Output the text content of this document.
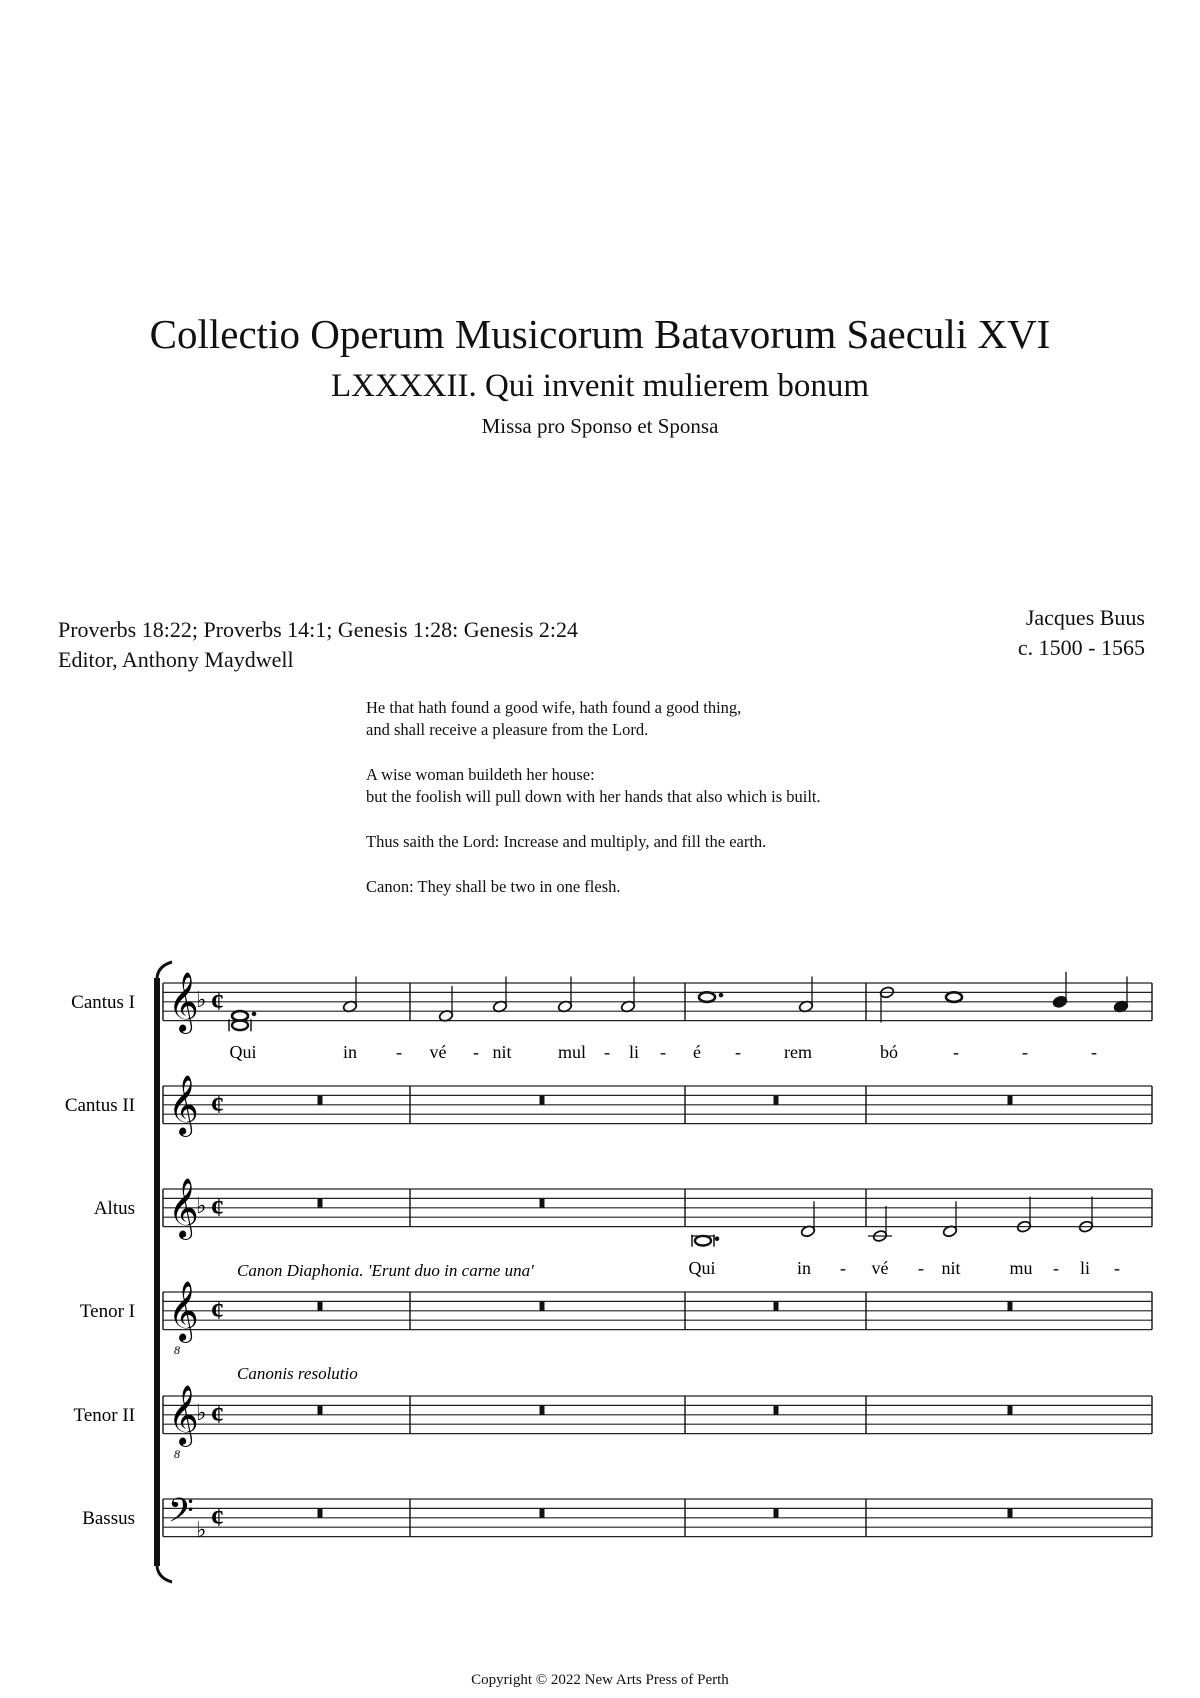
Collectio Operum Musicorum Batavorum Saeculi XVI
LXXXXII. Qui invenit mulierem bonum
Missa pro Sponso et Sponsa
Proverbs 18:22; Proverbs 14:1; Genesis 1:28: Genesis 2:24
Editor, Anthony Maydwell
Jacques Buus
c. 1500 - 1565

He that hath found a good wife, hath found a good thing,
and shall receive a pleasure from the Lord.

A wise woman buildeth her house:
but the foolish will pull down with her hands that also which is built.

Thus saith the Lord: Increase and multiply, and fill the earth.

Canon: They shall be two in one flesh.

𝄞
♭ ¢
𝄞 ¢
𝄞
♭ ¢
𝄞
8
¢
𝄞
8
♭ ¢
𝄢 ♭ ¢
Cantus I
Cantus II
Altus
Tenor I
Tenor II
Bassus
Canon Diaphonia. 'Erunt duo in carne una'
Canonis resolutio
Qui	in - vé - nit	mul - li - é - rem	bó	-	-	-
Qui	in - vé - nit	mu - li -
Copyright © 2022 New Arts Press of Perth
